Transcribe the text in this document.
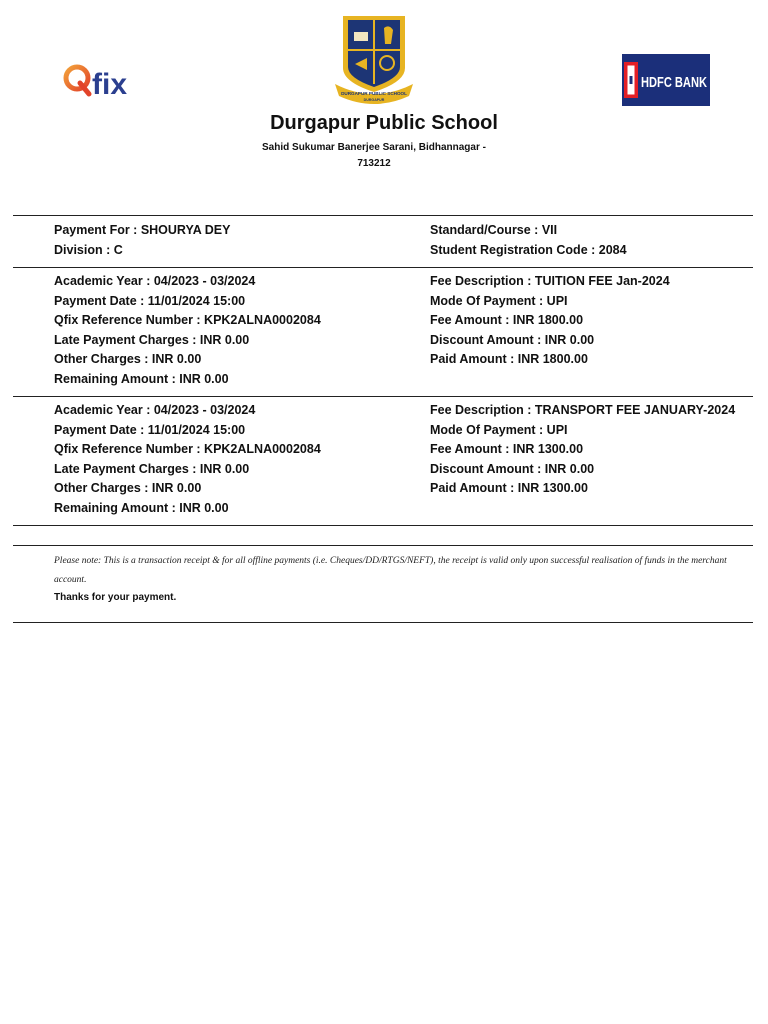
fix	DURGAPUR PUBLIC SCHOOL
DURGAPUR
HDFC BANK
Durgapur Public School
Sahid Sukumar Banerjee Sarani, Bidhannagar - 713212
Payment For : SHOURYA DEY
Division : C
Standard/Course : VII
Student Registration Code : 2084
Academic Year : 04/2023 - 03/2024
Payment Date : 11/01/2024 15:00
Qfix Reference Number : KPK2ALNA0002084
Late Payment Charges : INR 0.00
Other Charges : INR 0.00
Remaining Amount : INR 0.00
Fee Description : TUITION FEE Jan-2024
Mode Of Payment : UPI
Fee Amount : INR 1800.00
Discount Amount : INR 0.00
Paid Amount : INR 1800.00
Academic Year : 04/2023 - 03/2024
Payment Date : 11/01/2024 15:00
Qfix Reference Number : KPK2ALNA0002084
Late Payment Charges : INR 0.00
Other Charges : INR 0.00
Remaining Amount : INR 0.00
Fee Description : TRANSPORT FEE JANUARY-2024
Mode Of Payment : UPI
Fee Amount : INR 1300.00
Discount Amount : INR 0.00
Paid Amount : INR 1300.00
Please note: This is a transaction receipt & for all offline payments (i.e. Cheques/DD/RTGS/NEFT), the receipt is valid only upon successful realisation of funds in the merchant account.
Thanks for your payment.
